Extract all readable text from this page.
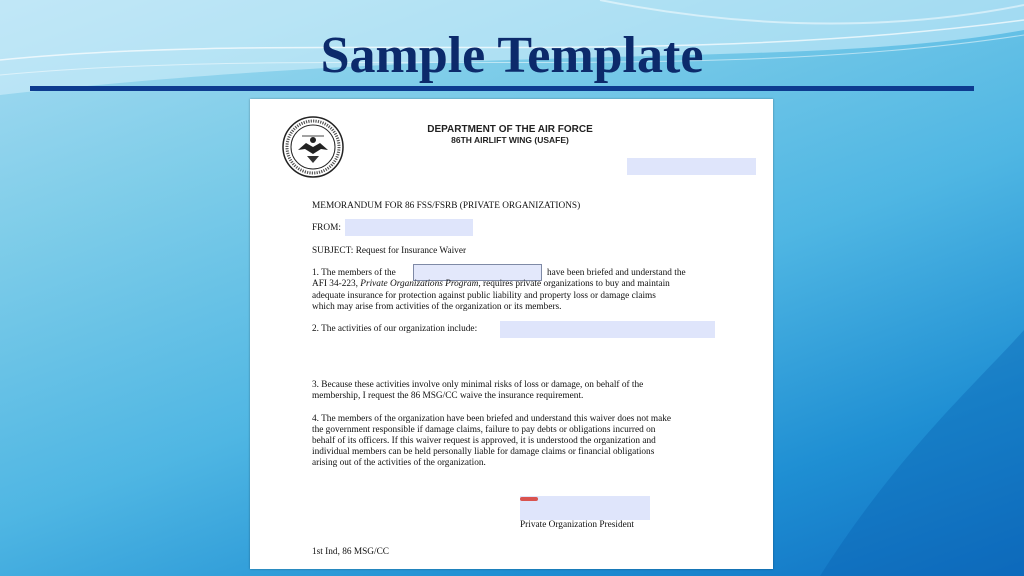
Sample Template
DEPARTMENT OF THE AIR FORCE
86TH AIRLIFT WING (USAFE)
MEMORANDUM FOR 86 FSS/FSRB (PRIVATE ORGANIZATIONS)
FROM:
SUBJECT: Request for Insurance Waiver
1. The members of the	have been briefed and understand the
AFI 34-223, Private Organizations Program, requires private organizations to buy and maintain
adequate insurance for protection against public liability and property loss or damage claims
which may arise from activities of the organization or its members.
2. The activities of our organization include:
3. Because these activities involve only minimal risks of loss or damage, on behalf of the
membership, I request the 86 MSG/CC waive the insurance requirement.
4. The members of the organization have been briefed and understand this waiver does not make
the government responsible if damage claims, failure to pay debts or obligations incurred on
behalf of its officers. If this waiver request is approved, it is understood the organization and
individual members can be held personally liable for damage claims or financial obligations
arising out of the activities of the organization.
Private Organization President
1st Ind, 86 MSG/CC
